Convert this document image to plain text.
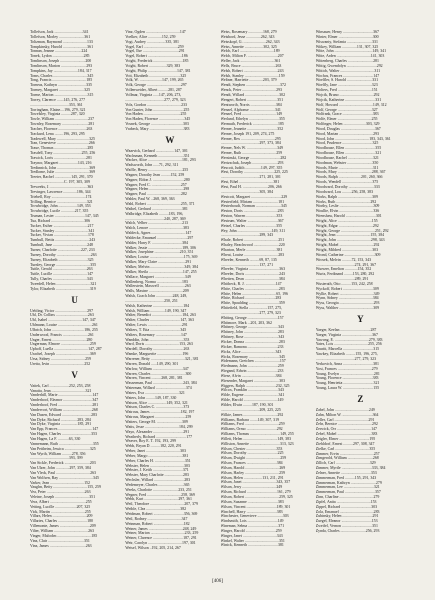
Tollefson, Jack .............................341
Tollefson, Morley ..........................361
Toltzman, Raymond .........................133
Tompkinsky, Harold .........................361
Tonnan, Jeanne ...........................224
Tonek, Lydon ................................285
Tomlinson, Joseph ..........................200
Tomlinson, Marion ..........................293
Tompkins, Jay .........................184, 317
Toms, Charles ...................................345
Tong, Francis ...................................185
Torneas, Kathryn .............................335
Tormey, Margaret ..........................325
Torme, Marion ..................................315
Torrey, Clarence .......145, 276, 277
........................................353, 361
Torringham, Elaine....196, 279, 321
Towelsley, Virginia ..........287, 320
Towle, William ..................................237
Townley, Rosemary ...........................281
Tracher, Florence .............................263
Trackard, Lena .........196, 293, 295
Tradewell, Mary .................................325
Tran, Genevieve .................................266
Traue, Thomas ..................................285
Trasdell, Tony .............................255, 256
Trawick, Loris .................................281
Traynor, Margaret ...................143, 216
Tredinnick, John .................................369
Tredlome, Julie ...................................369
Treeter, Rachel .................145, 291, 370
...................................C. 197, 305, 309
Treweeks, J. ......................................363
Trevinger, Lawrence ..............186, 344
Triebell, Roy ...................................174
Trilling, Bernice ...............................321
Trowbridge, John ...................149, 353
Trowbridge, Lucile ..............217, 355
Truman, Lester ...............................147, 345
Tua, Richard ..................................306
Tucker, Esther ...................................217
Tucker, Stanley ..................................341
Tucker, Vivian ...................................178
Tumbull, Bettis ...................................243
Tumbull, Jane ...................................248
Turner, Charlotte ........................227, 233
Turney, Dorothy ...................................263
Turney, Elizabeth ..............................325
Turnley, George ...................................355
Tuttle, Gerald ...................................263
Tuttle, Lucille ...................................147
Tully, Charles ...................................343
Tweedell, Helen ...................................321
Tylor, Elizabeth ...................................319
U
Uebling, Victor .................................297
Uhl, Dr. Collins .................................263
Uhl, Isabel ...................................147, 347
Uhlmann, Louise ...................................261
Ulbrich, John .................................186, 255
Underwood, Francis ..........................261
Unger, Ernest ...................................280
Ungerman, Elmore ..............................259
Uphoff, Luella ...................................147, 287
Urachel, Joseph ...................................369
Ursa, Sidney ...................................259
Uretta, Irvin ...................................252
V
Vaitek, Carl ....................252, 253, 258
Vanatta, Jean ...................................321
Vanderhill, Marie ...................................147
Vanderhoof, Eleanor ..............................347
Vanderhoof, Fred ...................................281
Vandervort, William ..............................268
Van Dusen, Edward ..............................283
Van Dyke, Richard .................283, 284
Van Dyke, Virginia .................185, 291
Van Epp, Frances ...................................147
Van Hagen, Charles ..............................353
Van Hagen, La F. ...........63, 330
Vannemann, Ruth ...................................355
Van Pettheim, Jessica ..........................325
Van Wyrth, William ..........278, 356
........................................393, 399
Van Sickle, Frederick ..........................203
Van Ulzer, John ..............297, 359, 384
Van Vleck, Paul ...................................263
Van Wolfsen, Ray ...................................345
Varker, Jean ...................................152
Vaughn, Betty ...................................155, 259
Vea, Peter .......................................263
Veleine, Joseph ...................................351
Vera, Albert .....................................255
Vetting, Lucille ......................207, 325
Vick, Martin ...................................255
Villars, Helen ...................................209
Villaries, Charles ..............................180
Villemonte, James ...............................209
Vilter, William ...................................263
Vinger, Malcolm ...................................185
Vinz, Clair .....................................351
Vinz, James .....................................263
Vinz, Ogden ...................................147
Voelker, Alice ..............152, 259
Vogt, Audrey ...................335, 381
Vogel, Earl ...................................259
Vogel, Ilse .....................................291
Vogel, Robert ...................................186
Voight, Frederick ..............................185
Voight, Robert ..................329, 383
Voight, Philip ..............................147, 381
Voit, Elizabeth ................................325
Volk, W. .......................147, 199, 265
Volk, George ...................................297
Vollenweider, Albert ..........281, 287
Vollmar, Virginia ......147, 206, 273,
........................................277, 279, 323
Volz, Gordon ...................................233
Von Gunter, John ...............................255
Von Haden ......................................255
Von Haden, Florence ..........................345
Vosnek, George .................................303
Vrabeck, Mary ...................................383
W
Waarvick, Gerhard ...................147, 301
Wachsman, Kenneth ..........................351
Wacker, Alice ...................................181, 293
Wadsworth, John ......71, 292, 311
Waffle, Henry ...................................255
Wagner, Dorothy Jean ..........152, 259
Wagner, Eldon J. ................................280
Wagner, Fred C. ..............................257
Wagner, Helen ...................................298
Wagner, Paul ...................................282
Wahler, Paul W. ..268, 369, 363
Wahl, Robert ...................................255, 371
Waibel, Gerhard ...............................381
Walbridge, Elizabeth ..........183, 196,
........................................240, 287, 369
Walch, Velber ...................................213
Walch, Lenore ...................................383
Waldeck, Agnes ...................................147
Waldecke, Emanuel ...............................297
Walder, Harry F. ...............................384
Walker, Jessie ...................................189, 306
Walker, Josephine ..........................210, 351
Walker, Louise ...................................175, 369
Walker, Mary Claire ............................291
Walker, Melvin ...................................349, 384
Walker, Sheila ...................................147, 255
Wallace, Margaret ...............................349
Wallenberg, Norma ..........................183
Wallerstein, Maxwell ..........................263
Walls, Maxine ...................................209
Walsh, Coach John .................248, 249,
........................................250, 251
Walsh, Katherine ...............................184
Walsh, William ...............149, 190, 347
Walter, Benedict ...............................184, 263
Walter, Charles ...............................147, 363
Walter, Lewis ...................................291
Walters, T. Etta ...............................345
Walters, Rosemary ..........................147
Wanddin, John ...................................353
Ward, Doris ...................................153, 263
Wardell, Dorothy ...............................263
Wamke, Marguerite ..........................196
Warrener, Betty ...................................321, 381
Warren, Donald ......149, 290, 301
Warlow, William ...............................347
Warren, Charles ...................................300
Warren, Vincent ..........268, 281, 381
Wasserman, Paul ...............................243, 384
Waterman, Willard ...............................374
Waters, Eva ...................................321
Waters, John .........149, 187, 330
Watson, Alice ...................149, 352, 321
Watson, Charles C. ............................373
Watrous, James ...............................182, 197
Watrous, Margaret ...............................259
Watters, George M. ..........................309
Watts, Jesse ...................................184, 299
Wayo, Alexander ...............................291
Weatherly, Richard ...............................177
Weaver, Roy E. T. 192, 193, 299
Webb, Bryan D. .........182, 220, 291
Weber, Janet ...................................303
Weber, Margo ...................................381
Weber, Charles H. ...............................351
Webster, Helen ...................................303
Webster, J. Keith ...............................371
Webster, Mary Charlotte ...................283
Wechsler, Willard ...............................283
Wedemeyer, Charles ..........................365
Weeks, Charlotte ..........................233, 251
Wegner, Fred ...................................258, 369
Wehb, Kurt ...................................297, 361
Weil, Theodore ...................................207, 379
Weible, Clea ...................................382
Weidman, Robert ...............................356, 369
Weil, Rodney ...................................347
Weinman, Robert ...............................182
Weiner, James ...................................248, 249
Weiner, Marion ...................................233, 259
Weiner, Clarence ...............................187, 291
Weir, Carolyn ...................................197, 301
Weisel, Wilson ..192, 205, 214, 267
Weiss, Rosemary ...............168, 279
Weisbord, Jesse ...............262, 343
Weisskopf, G. .......................262, 343
Weiss, Annette ...................302, 325
Welch, Earl ...................................189
Welch, Milton F. ...............................207
Weller, Jack ...................................361
Wells, Bruce ...................................263
Welsh, Robert ...................................243
Welsh, Stanley ...................................159
Weltner, Harriette ..............203, 379
Wendt, Stephen ...................................372
Wenck, Peter ...................................293
Wendt, Willard ...................................302
Wengert, Robert ...............................351
Wentworth, Norris ..........................384
Wenzel, Alphonse ..........................341
Wenzel, Fred ...................................149
Werlund, Ethelyn ...............................355
Wermuth, Frederick ..........................185
Werner, Jeanette ...............................352
Werner, Joseph 191, 209, 274, 275
Werner, Rex ...................................295
........................................297, 373, 384
Werner, Nels W. ...............................349
Werner, Ruth ...................................259
Wersinski, George ...............................282
Wertzschuk, Joseph ..........................293
Wescott, Judith ................149, 297, 355
West, Dorothy ...............................225, 225
........................................271, 281, 301
West, Ethel ...................................381
West, Paul H. ..........................206, 266
........................................305, 384
Westcott, Margaret ...............................229
Westerfield, Miriam ..........................181
Westerhoudt, Norman ..........................345
Weston, Doris ...................................283
Weston, Warren ...............................353
Westrum, Walter ...............................367
Wetzel, Charles ...............................355
Wey, John ...................................149, 311
........................................289, 343
Whale, Robert ...................................251
Whaley, Beachwood ..........................220
Wharton, Merle ...............................381
Wheat, Louise ...................................283
Wheeler, Kenneth ..........69, 87, 135
........................................137, 271
Wheeler, Virginia ...............................363
Wheeler, Doris ...................................243
Whetten, Dean ...................................384
Whitbeck, R. J. ...............................147
White, Charles ...................................283
White, Helen ...................................65, 196
White, Richard ...............................283
White, Spaulding ...............................359
Whitefield, Stella ...................157, 275,
........................................277, 279, 323
Whiting, George ...............................157
Whitmore, Mark ...201, 203, 362
Whitney, George ...............................343
Whitney, John ...................................283
Whitney, Rose ...................................343
Wicker, Donna ...................................283
Wicker, Ramona ...............................233
Wicks, Alice ...................................343
Wicks, Rosemary ...............................345
Widemann, Gretchen ..........................157
Wiedmann, John ...............................259
Wiegand, Edwin ...............................233
Wiese, Alvin ...................................384
Wiesender, Margaret ..........................303
Wiggers, Ralph ...............................232, 325
Wilcox, Franklin ...............................343
Wilde, Eugene ...................................341
Wilde, Harold ...................................149
Wilder, Elwin .........187, 190, 301
........................................209, 225, 225
Wilkie, James ...................................292
Williams, Barbara ........149, 307, 319
Williams, Fred ...................................259
Williams, Ormo ...............................292
Williams, Thomas ...............................149, 255
Willett, Helen ...................................149, 383
Williston, Annette ...............................313, 323
Wilson, Chester ...............................353
Wilson, Dorothy ...............................225
Wilson, Dwight ...................................259
Wilson, Frances ...............................384
Wilson, Harold ...................................269
Wilson, Harley ...................................259
Wilson, Helen ...................131, 211, 291
Wilson, Janet ...................................343, 357
Wilson, Jerry ...................................249
Wilson, Richard ...............................161, 279
Wilson, Robert ...................................259, 325
Wilson, Suzanne ...............................383
Wilson, Vincent ...............................189, 301
Winchell, Harry ...............................383
Winchester, Genevieve ..........................303
Windsmith, Lois ...............................149
Wineman, Selma ...............................371
Winger, Harold ...............................259
Winger, Janet ...................................343
Winkel, Walter ...................................351
Winick, Kenneth ...............................381
Winsauer, Henry ...............................367
Winter, Elmer ...................................300
Wiswanty, Stefania ..........................331
Witkey, William ...............131, 307, 325
Witte, John .......................................149, 341
Witte, Arden ...................................141, 303
Wittenberg, Charles ..........................281
Wittig, Gwendolyn ...............................292
Wittich, Walter ...................................311
Wochos, Frances ...............................147
Woelfler, S. Harold ..........................331
Woelfly, Jane ...................................323
Wolters, Fred ...................................151
Wojcik, Bruno ...................................292
Wojcik, Katherine ...............................331
Wolf, Howard ...................................149, 312
Wolf, George ...................................327
Wolfrank, Grace ...............................383
Wolfe, Elmer ...................................255
Wolfinger, Helen .......................303, 329
Wood, Douglas ...................................367
Wood, Marian ...................................293
Wood, John ...................................183, 343, 361
Wood, Prudence ...............................325
Woodhouse, Ellen ...............................355
Woodhouse, Ellen ...............................321
Woodhouse, Rachel ..........................321
Woodman, Webster ..........................350
Woods, Marie ...................................311
Woods, Mary ...................................288, 367
Woods, Ralph .......................201, 260, 366
Woods, Wendell ...............................375
Woodward, Dorothy ..........................333
Woodward, Lou ..........256, 258, 383
Works, Ralph ...................................309
Works, Ruth ...................................292
Worthy, Leslie ...................................309
Woullie, Elvin ...................................336
Wrenshaw, Harold ...............................301
Wright, Alice ...................................155
Wright, Edgar ...................................292
Wright, George ...................................251, 292
Wright, Jean ...................................155, 384
Wright, John ...................................298, 343
Wright, Mabel ...................................292
Wright, Mildred ...............................303
Wrond, Catherine ...............................309
Wrosek, Melvin ..........72, 153, 343
........................................274, 291, 367
Wuerzer, Emelton .............154, 352
Wurtz, Ferdinand .........153, 280, 292
........................................289, 291
Wusterath, Otto ..........153, 242, 258
Wyckoff, Robert ...............................309
Wyllie, Robert ...................................349
Wynn, Sidney ...................................384
Wyss, Georgia ...................................293
Wyss, Walther ...................................309
Y
Yaeger, Keelan ...............................287
Yaeger, Virginia ...............................367
Yawong, E. ...................................279, 383
Yates, Lois ...................................255, 256
Yauritt, Marcella ...............................315
Yawkey, Elizabeth ..........155, 196, 275,
........................................277, 279, 323
Yerkovich, Anna ...............................381
Yost, Frances ...................................279
Young, Evelyn ...................................281
Young, Florence ...............................383
Young, Henrietta ...............................321
Young, Laura W. ...............................155
Z
Zabel, John ...................................249
Zahn, Milton W. ...............................364
Zeller, Carl ...................................291
Zehr, Bernice ...................................292
Zerwick, Orr ...................................147
Zebel, Mabel ...................................383
Zeigler, Elmer ...............................195
Ziehldorf, Ernest ..........297, 308, 347
Zielke, Carl ...................................355
Zimmer, Ervin ...................................257
Zimgerold, William ..........................268
Zillich, Carl ...................................329
Zimmer, Myrtle ...............................333, 384
Zelner, Annette ...............................353
Zimmerman, Fred ..........155, 291, 343
Zimmerman, Kathryn ..........................279
Zimmerman, Lee ...............................321
Zimmerman, Paul ...............................357
Zinn, Charline ...................................279
Zipfel, Anita ...................................153
Zippel, Richard ...............................303
Zola, Emanuel ...................................283
Zubinsky, Helen ...............................291
Zuegel, Eleanor ...............................153
Zweifel, Vernon ...............................351
Zynda, Charles ..........................256, 293
[406]
